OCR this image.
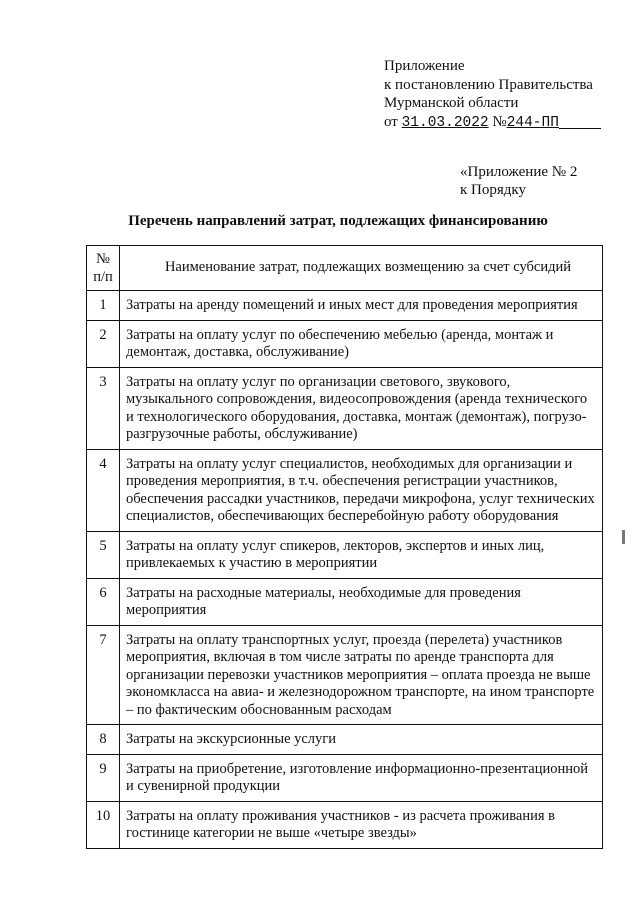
Приложение
к постановлению Правительства
Мурманской области
от 31.03.2022 №244-ПП
«Приложение № 2
к Порядку
Перечень направлений затрат, подлежащих финансированию
№
п/п	Наименование затрат, подлежащих возмещению за счет субсидий
1	Затраты на аренду помещений и иных мест для проведения мероприятия
2	Затраты на оплату услуг по обеспечению мебелью (аренда, монтаж и демонтаж, доставка, обслуживание)
3	Затраты на оплату услуг по организации светового, звукового, музыкального сопровождения, видеосопровождения (аренда технического и технологического оборудования, доставка, монтаж (демонтаж), погрузо-разгрузочные работы, обслуживание)
4	Затраты на оплату услуг специалистов, необходимых для организации и проведения мероприятия, в т.ч. обеспечения регистрации участников, обеспечения рассадки участников, передачи микрофона, услуг технических специалистов, обеспечивающих бесперебойную работу оборудования
5	Затраты на оплату услуг спикеров, лекторов, экспертов и иных лиц, привлекаемых к участию в мероприятии
6	Затраты на расходные материалы, необходимые для проведения мероприятия
7	Затраты на оплату транспортных услуг, проезда (перелета) участников мероприятия, включая в том числе затраты по аренде транспорта для организации перевозки участников мероприятия – оплата проезда не выше экономкласса на авиа- и железнодорожном транспорте, на ином транспорте – по фактическим обоснованным расходам
8	Затраты на экскурсионные услуги
9	Затраты на приобретение, изготовление информационно-презентационной и сувенирной продукции
10	Затраты на оплату проживания участников - из расчета проживания в гостинице категории не выше «четыре звезды»
